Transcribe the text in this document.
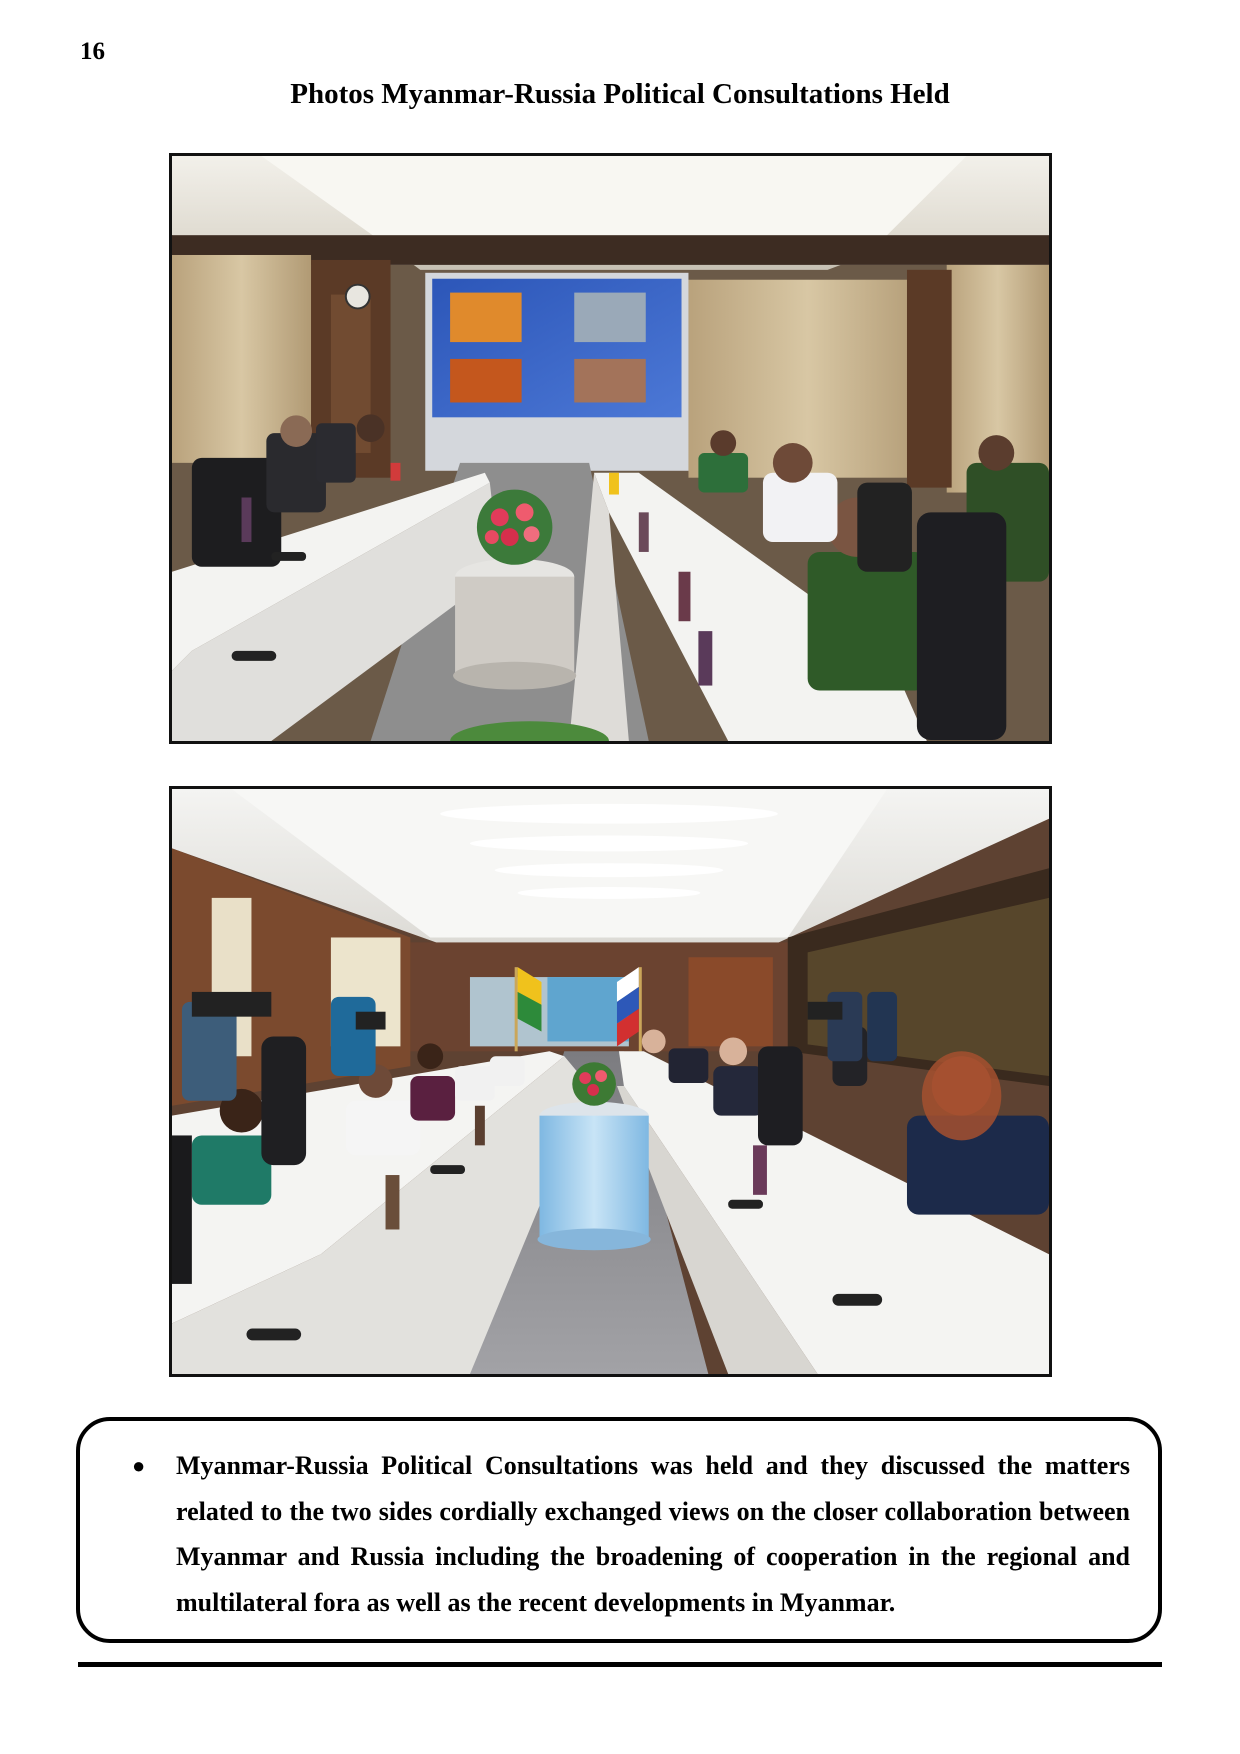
16
Photos Myanmar-Russia Political Consultations Held
● Myanmar-Russia Political Consultations was held and they discussed the matters related to the two sides cordially exchanged views on the closer collaboration between Myanmar and Russia including the broadening of cooperation in the regional and multilateral fora as well as the recent developments in Myanmar.
